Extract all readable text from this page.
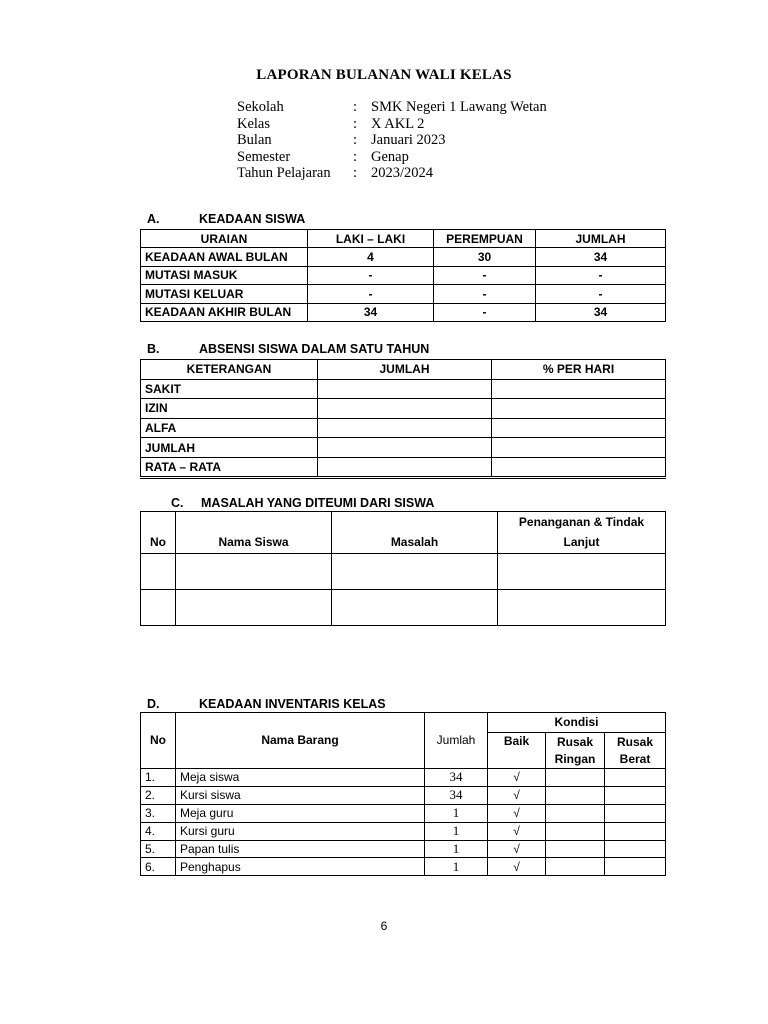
LAPORAN BULANAN WALI KELAS
Sekolah	: SMK Negeri 1 Lawang Wetan
Kelas	: X AKL 2
Bulan	: Januari 2023
Semester	: Genap
Tahun Pelajaran : 2023/2024
A.	KEADAAN SISWA
URAIAN	LAKI – LAKI	PEREMPUAN	JUMLAH
KEADAAN AWAL BULAN	4	30	34
MUTASI MASUK	-	-	-
MUTASI KELUAR	-	-	-
KEADAAN AKHIR BULAN	34	-	34
B.	ABSENSI SISWA DALAM SATU TAHUN
KETERANGAN	JUMLAH	% PER HARI
SAKIT		
IZIN		
ALFA		
JUMLAH		
RATA – RATA		
C. MASALAH YANG DITEUMI DARI SISWA
No	Nama Siswa	Masalah	Penanganan & Tindak Lanjut

D.	KEADAAN INVENTARIS KELAS
No	Nama Barang	Jumlah	Kondisi		
			Baik	Rusak Ringan	Rusak Berat
1.	Meja siswa	34	√		
2.	Kursi siswa	34	√		
3.	Meja guru	1	√		
4.	Kursi guru	1	√		
5.	Papan tulis	1	√		
6.	Penghapus	1	√		
6
